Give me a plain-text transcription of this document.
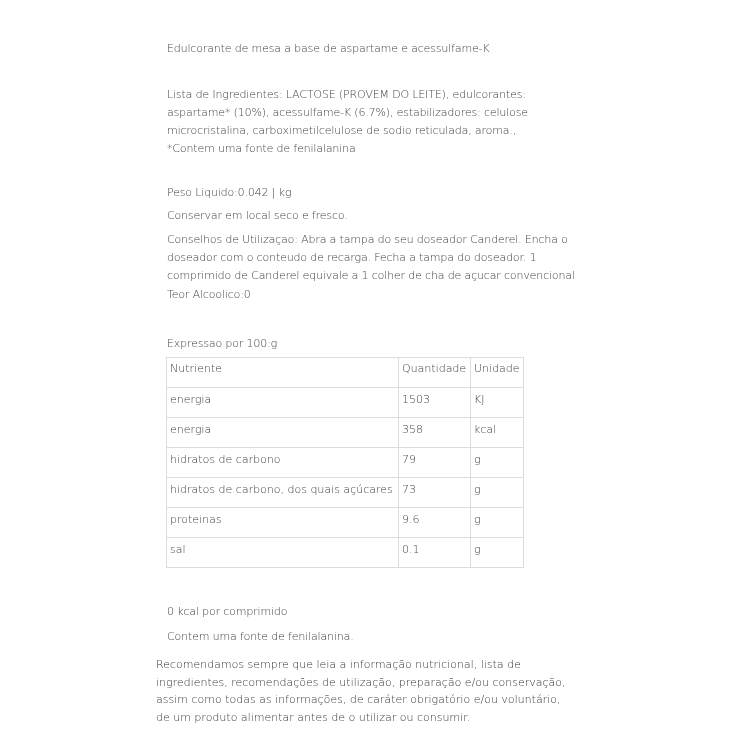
Edulcorante de mesa a base de aspartame e acessulfame-K

Lista de Ingredientes: LACTOSE (PROVEM DO LEITE), edulcorantes: aspartame* (10%), acessulfame-K (6.7%), estabilizadores: celulose microcristalina, carboximetilcelulose de sodio reticulada, aroma., *Contem uma fonte de fenilalanina

Peso Liquido:0.042 | kg

Conservar em local seco e fresco.

Conselhos de Utilizaçao: Abra a tampa do seu doseador Canderel. Encha o doseador com o conteudo de recarga. Fecha a tampa do doseador. 1 comprimido de Canderel equivale a 1 colher de cha de açucar convencional

Teor Alcoolico:0

Expressao por 100:g

Nutriente	Quantidade	Unidade
energia	1503	KJ
energia	358	kcal
hidratos de carbono	79	g
hidratos de carbono, dos quais açúcares	73	g
proteinas	9.6	g
sal	0.1	g

0 kcal por comprimido

Contem uma fonte de fenilalanina.

Recomendamos sempre que leia a informação nutricional, lista de ingredientes, recomendações de utilização, preparação e/ou conservação, assim como todas as informações, de caráter obrigatório e/ou voluntário, de um produto alimentar antes de o utilizar ou consumir.
